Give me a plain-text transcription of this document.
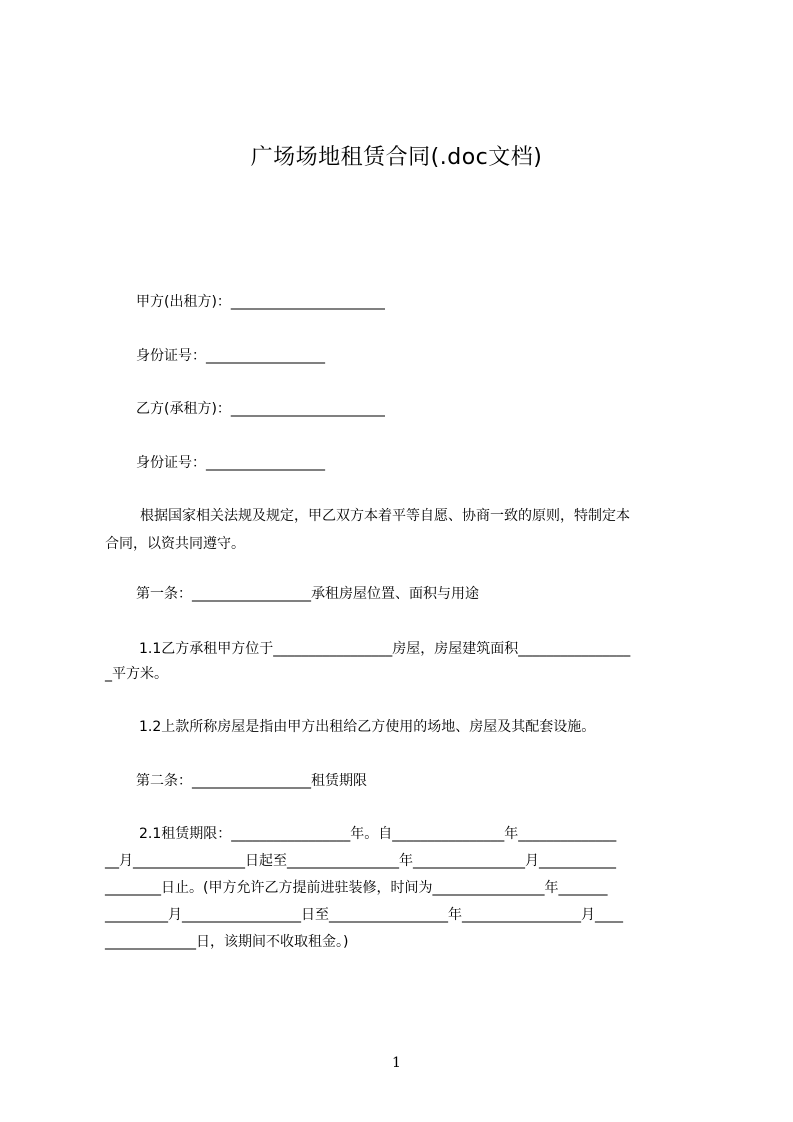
广场场地租赁合同(.doc文档)
甲方(出租方)：______________________
身份证号：_________________
乙方(承租方)：______________________
身份证号：_________________
根据国家相关法规及规定，甲乙双方本着平等自愿、协商一致的原则，特制定本
合同，以资共同遵守。
第一条：_________________承租房屋位置、面积与用途
1.1乙方承租甲方位于_________________房屋，房屋建筑面积________________
_平方米。
1.2上款所称房屋是指由甲方出租给乙方使用的场地、房屋及其配套设施。
第二条：_________________租赁期限
2.1租赁期限：_________________年。自________________年______________
__月________________日起至________________年________________月___________
________日止。(甲方允许乙方提前进驻装修，时间为________________年_______
_________月_________________日至_________________年_________________月____
_____________日，该期间不收取租金。)
1
